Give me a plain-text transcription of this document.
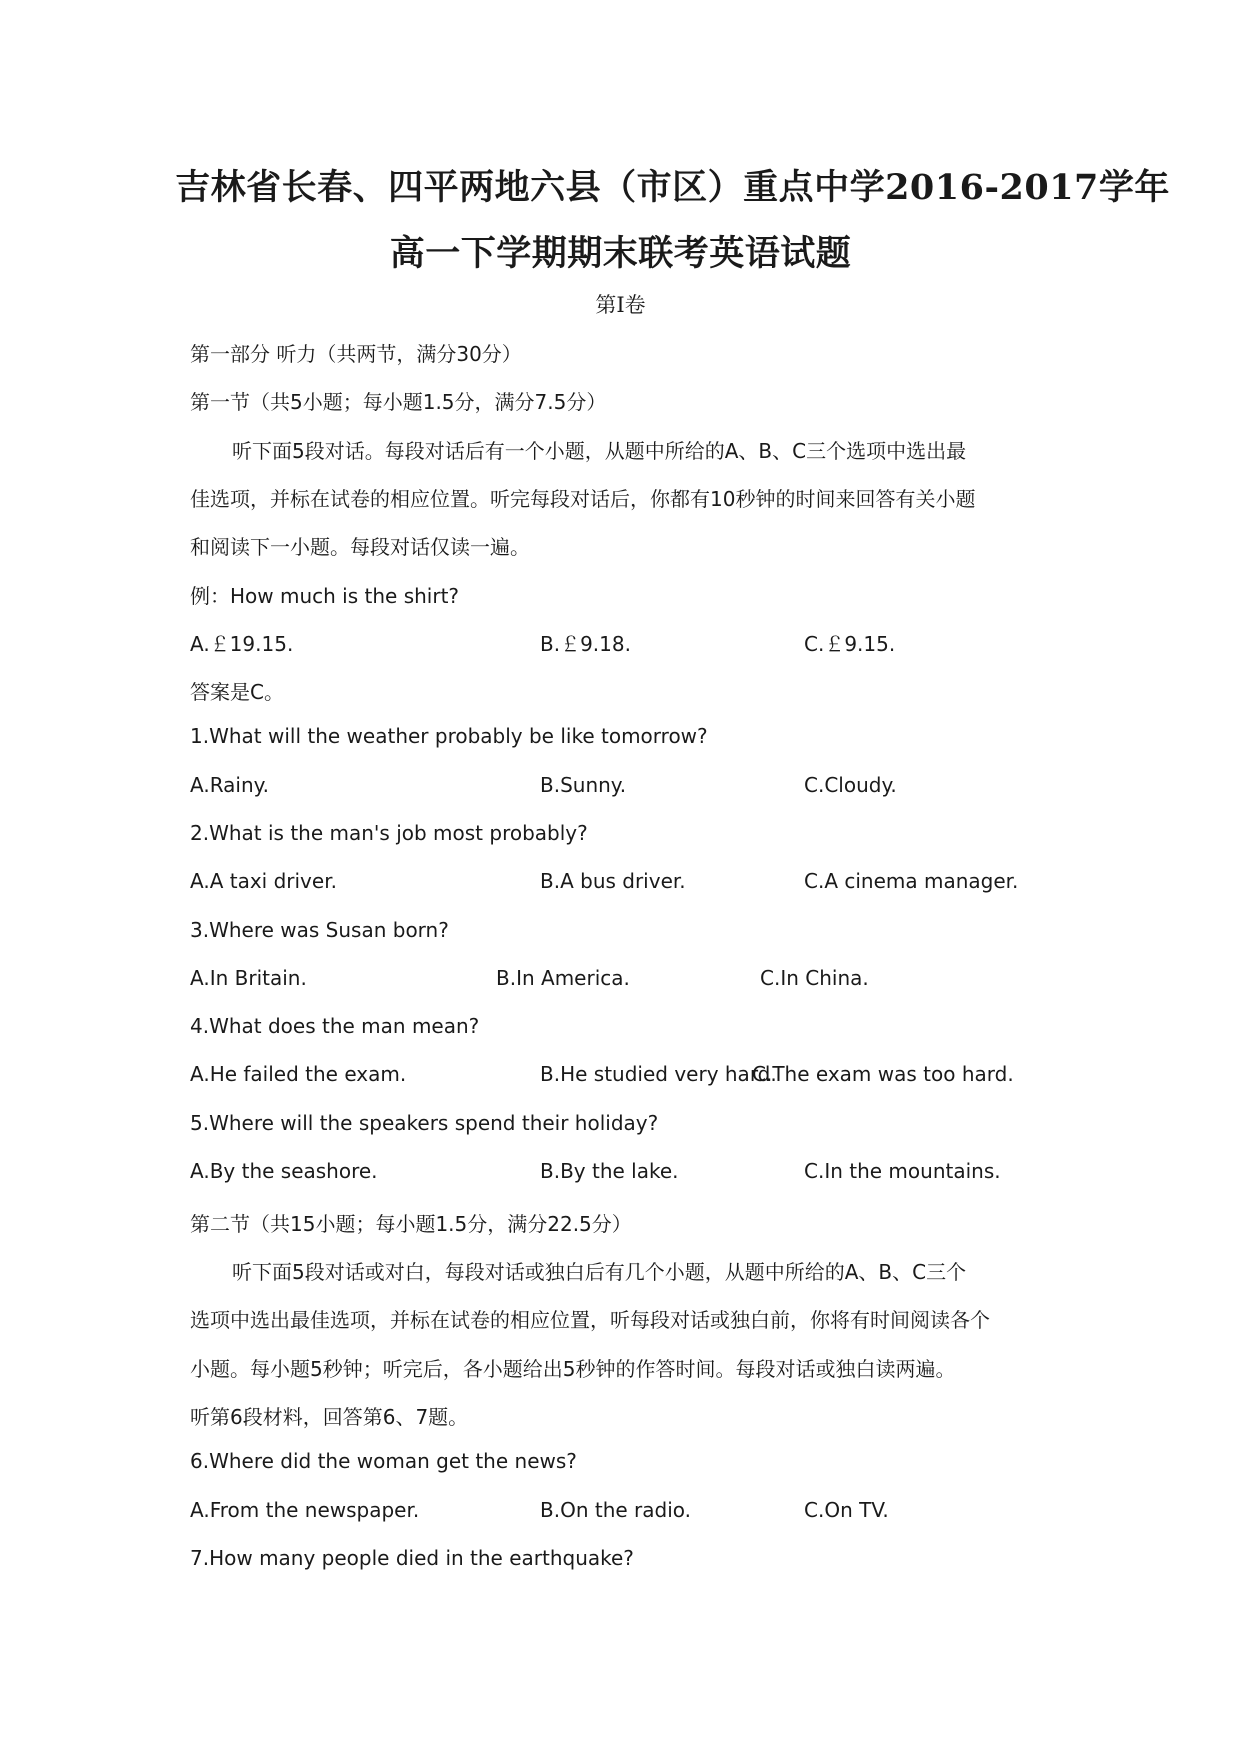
吉林省长春、四平两地六县（市区）重点中学2016-2017学年
高一下学期期末联考英语试题
第Ⅰ卷
第一部分 听力（共两节，满分30分）
第一节（共5小题；每小题1.5分，满分7.5分）
听下面5段对话。每段对话后有一个小题，从题中所给的A、B、C三个选项中选出最
佳选项，并标在试卷的相应位置。听完每段对话后，你都有10秒钟的时间来回答有关小题
和阅读下一小题。每段对话仅读一遍。
例：How much is the shirt?
A.￡19.15.	B.￡9.18.	C.￡9.15.
答案是C。
1.What will the weather probably be like tomorrow?
A.Rainy.	B.Sunny.	C.Cloudy.
2.What is the man's job most probably?
A.A taxi driver.	B.A bus driver.	C.A cinema manager.
3.Where was Susan born?
A.In Britain.	B.In America.	C.In China.
4.What does the man mean?
A.He failed the exam.	B.He studied very hard.
C.The exam was too hard.
5.Where will the speakers spend their holiday?
A.By the seashore.	B.By the lake.	C.In the mountains.
第二节（共15小题；每小题1.5分，满分22.5分）
听下面5段对话或对白，每段对话或独白后有几个小题，从题中所给的A、B、C三个
选项中选出最佳选项，并标在试卷的相应位置，听每段对话或独白前，你将有时间阅读各个
小题。每小题5秒钟；听完后，各小题给出5秒钟的作答时间。每段对话或独白读两遍。
听第6段材料，回答第6、7题。
6.Where did the woman get the news?
A.From the newspaper.	B.On the radio.	C.On TV.
7.How many people died in the earthquake?
